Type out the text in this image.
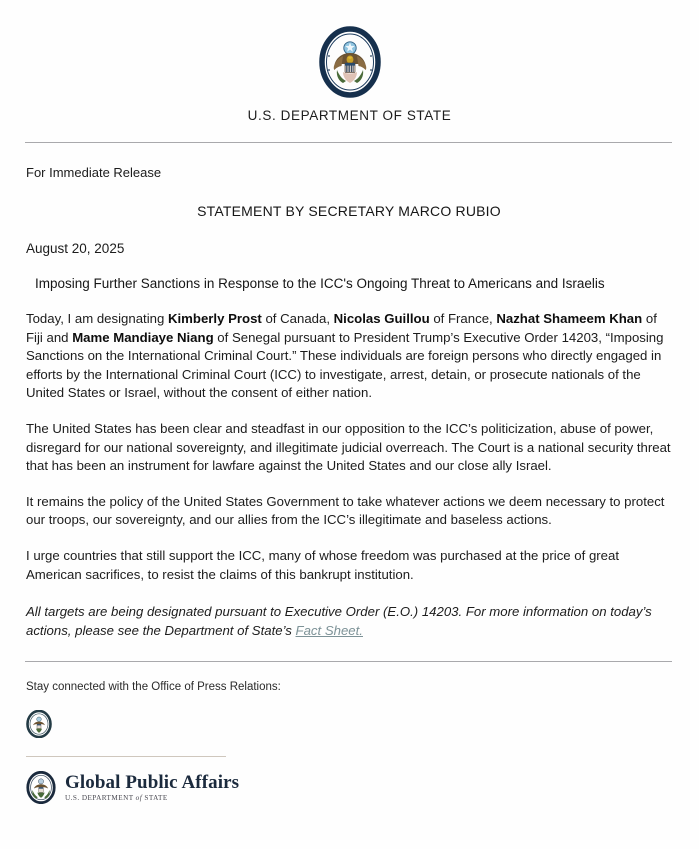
U.S. DEPARTMENT OF STATE
For Immediate Release
STATEMENT BY SECRETARY MARCO RUBIO
August 20, 2025
Imposing Further Sanctions in Response to the ICC's Ongoing Threat to Americans and Israelis

Today, I am designating Kimberly Prost of Canada, Nicolas Guillou of France, Nazhat Shameem Khan of Fiji and Mame Mandiaye Niang of Senegal pursuant to President Trump’s Executive Order 14203, “Imposing Sanctions on the International Criminal Court.” These individuals are foreign persons who directly engaged in efforts by the International Criminal Court (ICC) to investigate, arrest, detain, or prosecute nationals of the United States or Israel, without the consent of either nation.

The United States has been clear and steadfast in our opposition to the ICC’s politicization, abuse of power, disregard for our national sovereignty, and illegitimate judicial overreach. The Court is a national security threat that has been an instrument for lawfare against the United States and our close ally Israel.

It remains the policy of the United States Government to take whatever actions we deem necessary to protect our troops, our sovereignty, and our allies from the ICC’s illegitimate and baseless actions.

I urge countries that still support the ICC, many of whose freedom was purchased at the price of great American sacrifices, to resist the claims of this bankrupt institution.

All targets are being designated pursuant to Executive Order (E.O.) 14203. For more information on today’s actions, please see the Department of State’s Fact Sheet.

Stay connected with the Office of Press Relations:
Global Public Affairs
U.S. DEPARTMENT of STATE
